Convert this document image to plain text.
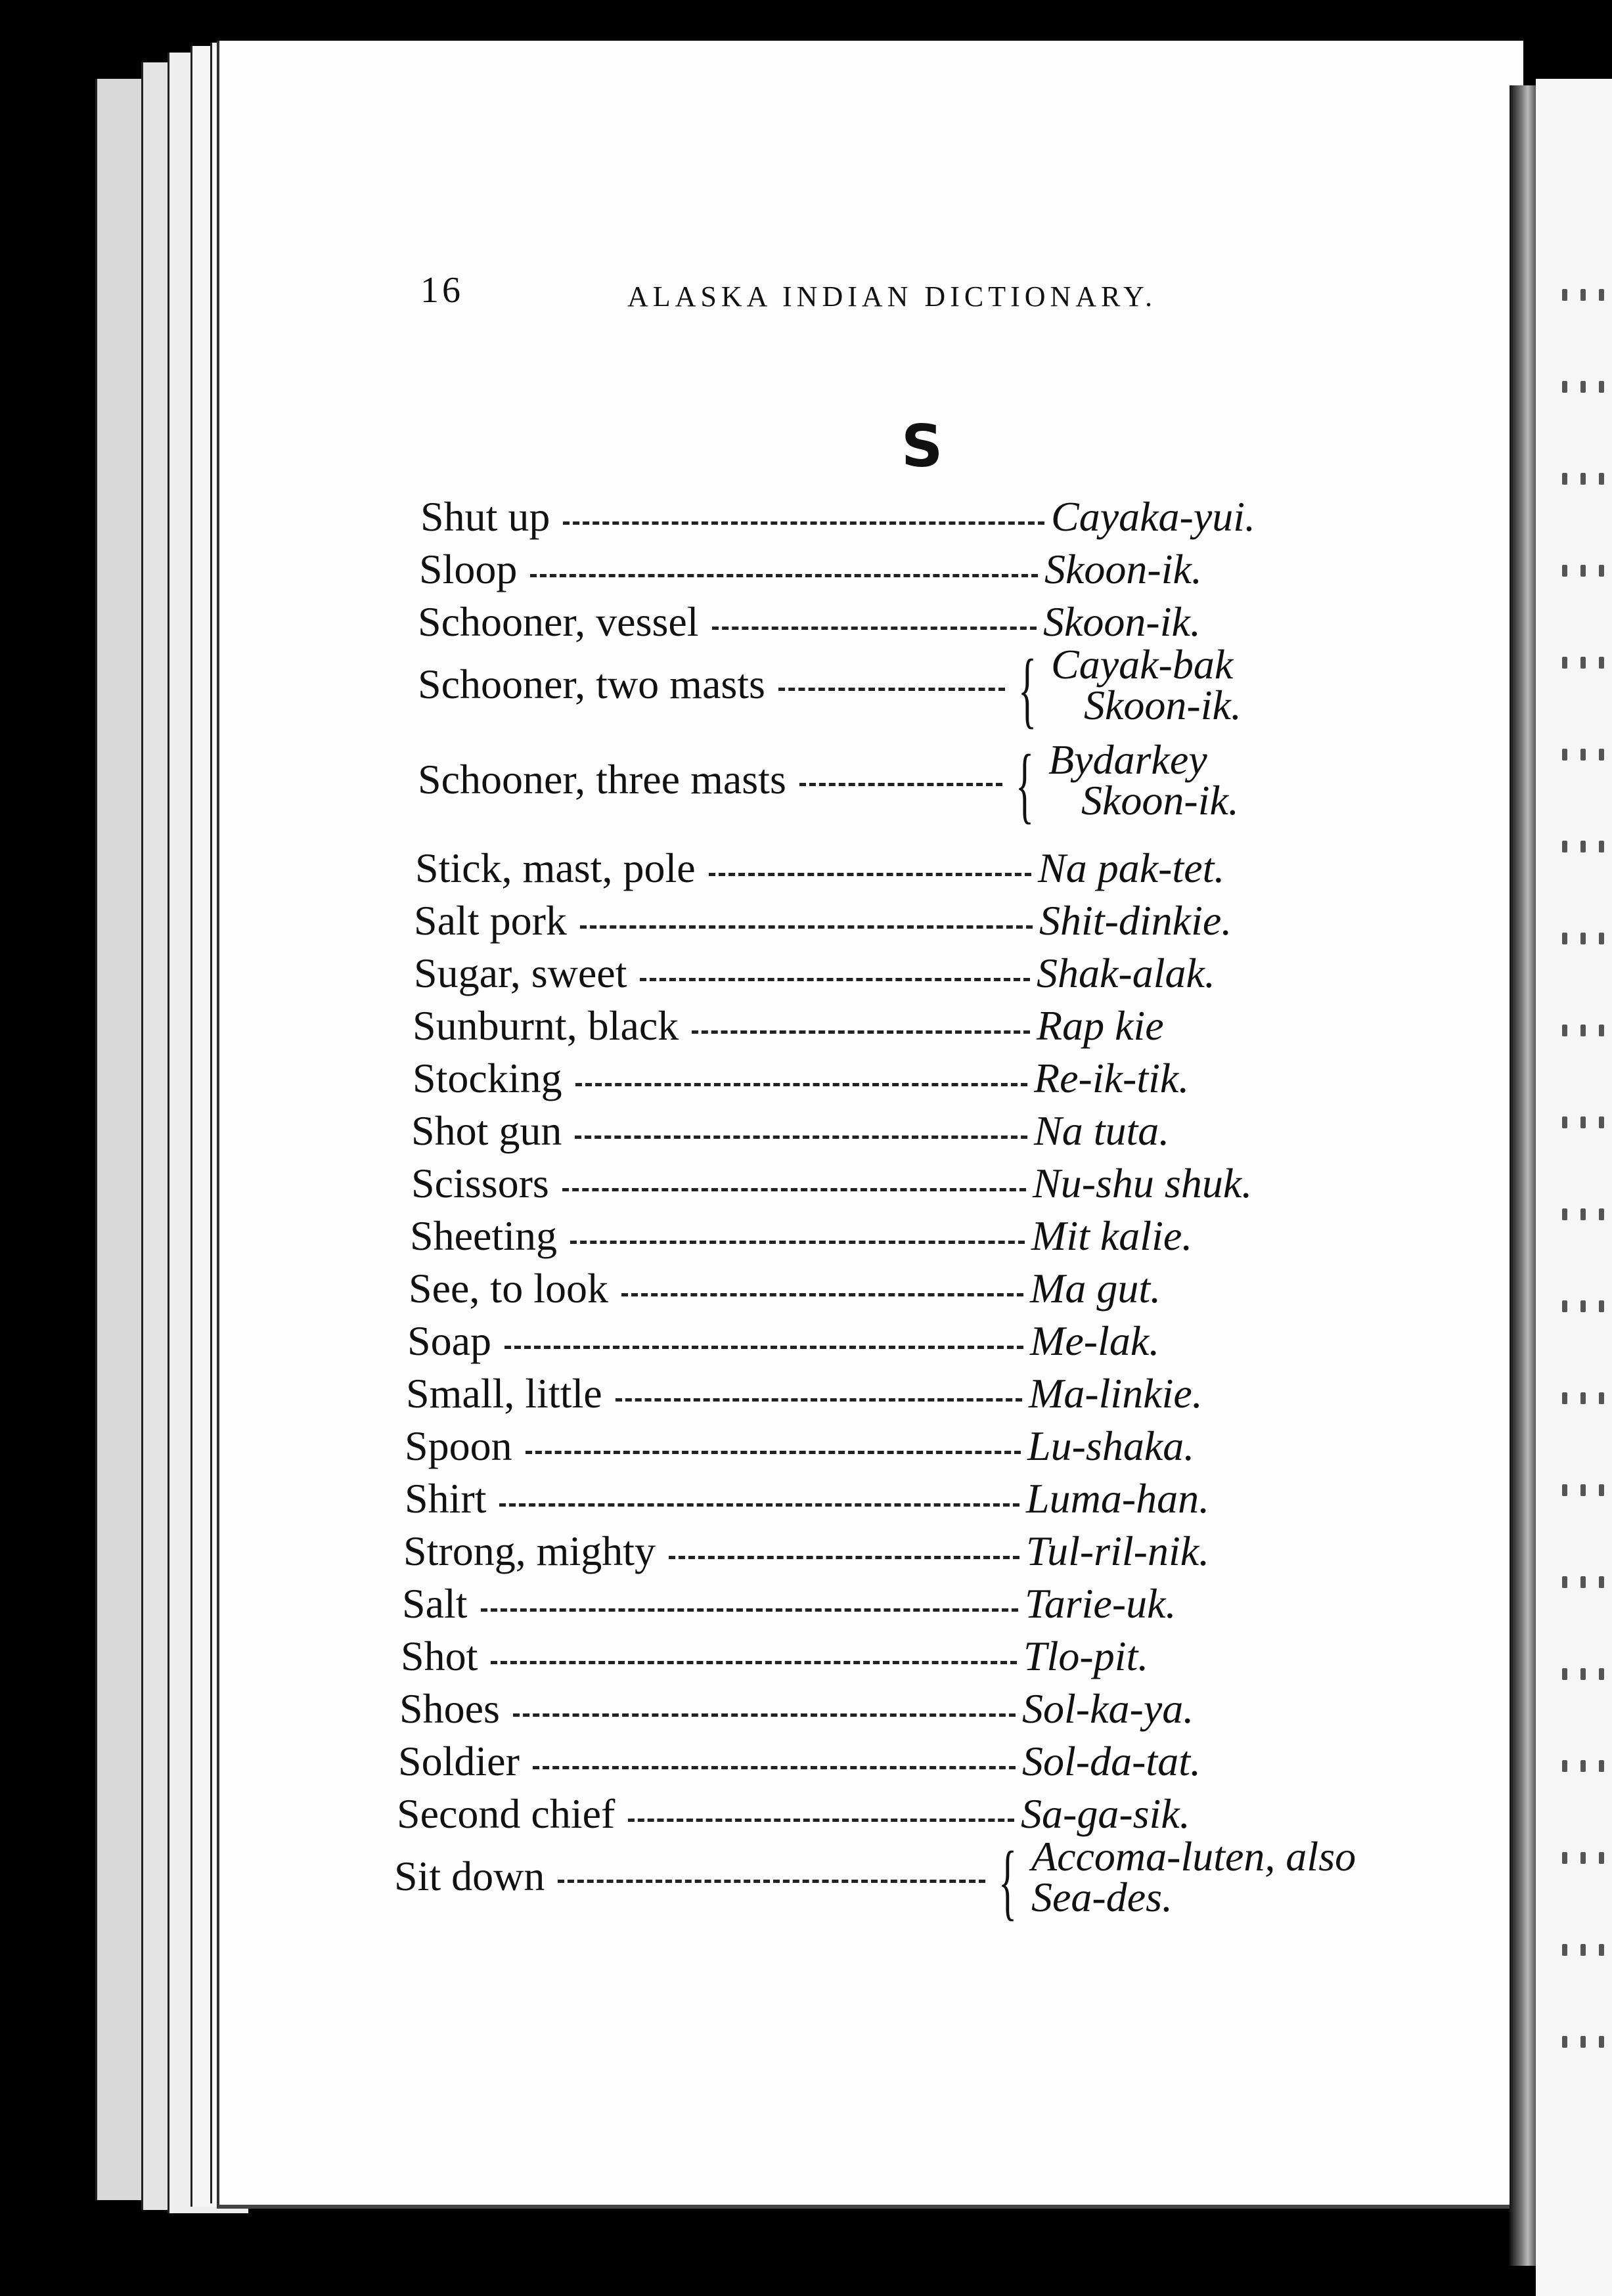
16	ALASKA INDIAN DICTIONARY.
S
Shut up	Cayaka-yui.
Sloop	Skoon-ik.
Schooner, vessel	Skoon-ik.
Schooner, two masts	{ Cayak-bak
Skoon-ik.
Schooner, three masts	{ Bydarkey
Skoon-ik.
Stick, mast, pole	Na pak-tet.
Salt pork	Shit-dinkie.
Sugar, sweet	Shak-alak.
Sunburnt, black	Rap kie
Stocking	Re-ik-tik.
Shot gun	Na tuta.
Scissors	Nu-shu shuk.
Sheeting	Mit kalie.
See, to look	Ma gut.
Soap	Me-lak.
Small, little	Ma-linkie.
Spoon	Lu-shaka.
Shirt	Luma-han.
Strong, mighty	Tul-ril-nik.
Salt	Tarie-uk.
Shot	Tlo-pit.
Shoes	Sol-ka-ya.
Soldier	Sol-da-tat.
Second chief	Sa-ga-sik.
Sit down	{ Accoma-luten, also
Sea-des.
